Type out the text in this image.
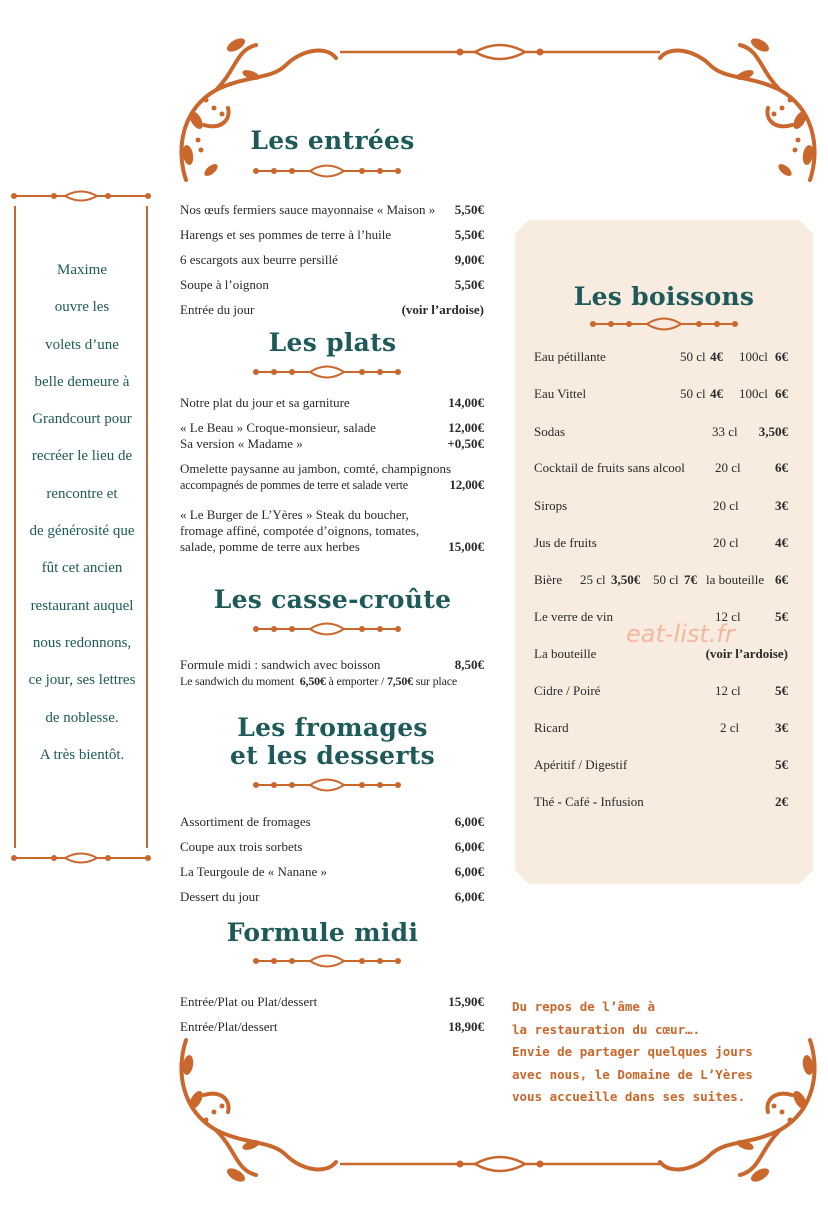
Maxime
ouvre les
volets d’une
belle demeure à
Grandcourt pour
recréer le lieu de
rencontre et
de générosité que
fût cet ancien
restaurant auquel
nous redonnons,
ce jour, ses lettres
de noblesse.
A très bientôt.
Les entrées
Nos œufs fermiers sauce mayonnaise « Maison » 5,50€
Harengs et ses pommes de terre à l’huile	5,50€
6 escargots aux beurre persillé	9,00€
Soupe à l’oignon	5,50€
Entrée du jour	(voir l’ardoise)
Les plats
Notre plat du jour et sa garniture	14,00€
« Le Beau » Croque-monsieur, salade	12,00€
Sa version « Madame »	+0,50€
Omelette paysanne au jambon, comté, champignons
accompagnés de pommes de terre et salade verte	12,00€
« Le Burger de L’Yères » Steak du boucher,
fromage affiné, compotée d’oignons, tomates,
salade, pomme de terre aux herbes	15,00€
Les casse-croûte
Formule midi : sandwich avec boisson	8,50€
Le sandwich du moment
6,50€
à emporter /
7,50€
sur place
Les fromages
et les desserts
Assortiment de fromages	6,00€
Coupe aux trois sorbets	6,00€
La Teurgoule de « Nanane »	6,00€
Dessert du jour	6,00€
Formule midi
Entrée/Plat ou Plat/dessert	15,90€
Entrée/Plat/dessert	18,90€
Les boissons
Eau pétillante	50 cl 4€ 100cl 6€
Eau Vittel	50 cl 4€ 100cl 6€
Sodas	33 cl 3,50€
Cocktail de fruits sans alcool 20 cl	6€
Sirops	20 cl	3€
Jus de fruits	20 cl	4€
Bière 25 cl 3,50€ 50 cl 7€ la bouteille 6€
Le verre de vin	12 cl	5€
La bouteille	(voir l’ardoise)
Cidre / Poiré	12 cl	5€
Ricard	2 cl	3€
Apéritif / Digestif	5€
Thé - Café - Infusion	2€
eat-list.fr
Du repos de l’âme à
la restauration du cœur….
Envie de partager quelques jours
avec nous, le Domaine de L’Yères
vous accueille dans ses suites.
